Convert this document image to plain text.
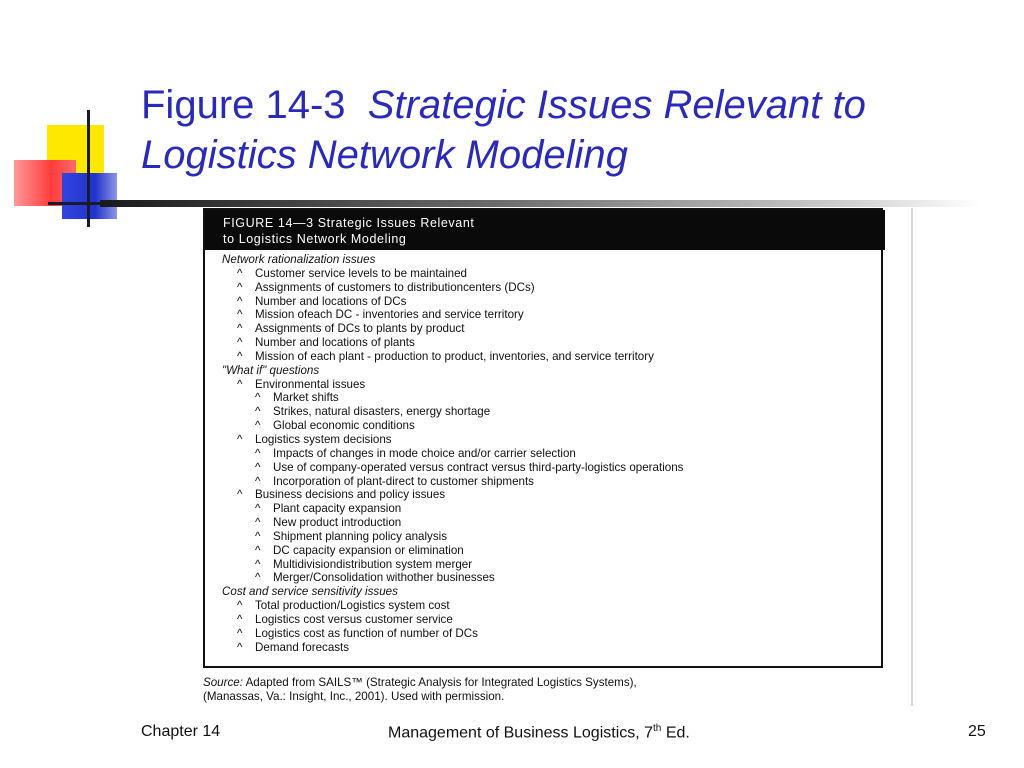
Figure 14-3 Strategic Issues Relevant to
Logistics Network Modeling
FIGURE 14—3 Strategic Issues Relevant
to Logistics Network Modeling
Network rationalization issues
^ Customer service levels to be maintained
^ Assignments of customers to distributioncenters (DCs)
^ Number and locations of DCs
^ Mission ofeach DC - inventories and service territory
^ Assignments of DCs to plants by product
^ Number and locations of plants
^ Mission of each plant - production to product, inventories, and service territory
"What if" questions
^ Environmental issues
^ Market shifts
^ Strikes, natural disasters, energy shortage
^ Global economic conditions
^ Logistics system decisions
^ Impacts of changes in mode choice and/or carrier selection
^ Use of company-operated versus contract versus third-party-logistics operations
^ Incorporation of plant-direct to customer shipments
^ Business decisions and policy issues
^ Plant capacity expansion
^ New product introduction
^ Shipment planning policy analysis
^ DC capacity expansion or elimination
^ Multidivisiondistribution system merger
^ Merger/Consolidation withother businesses
Cost and service sensitivity issues
^ Total production/Logistics system cost
^ Logistics cost versus customer service
^ Logistics cost as function of number of DCs
^ Demand forecasts
Source: Adapted from SAILS™ (Strategic Analysis for Integrated Logistics Systems),
(Manassas, Va.: Insight, Inc., 2001). Used with permission.
Chapter 14	Management of Business Logistics, 7th Ed.	25
